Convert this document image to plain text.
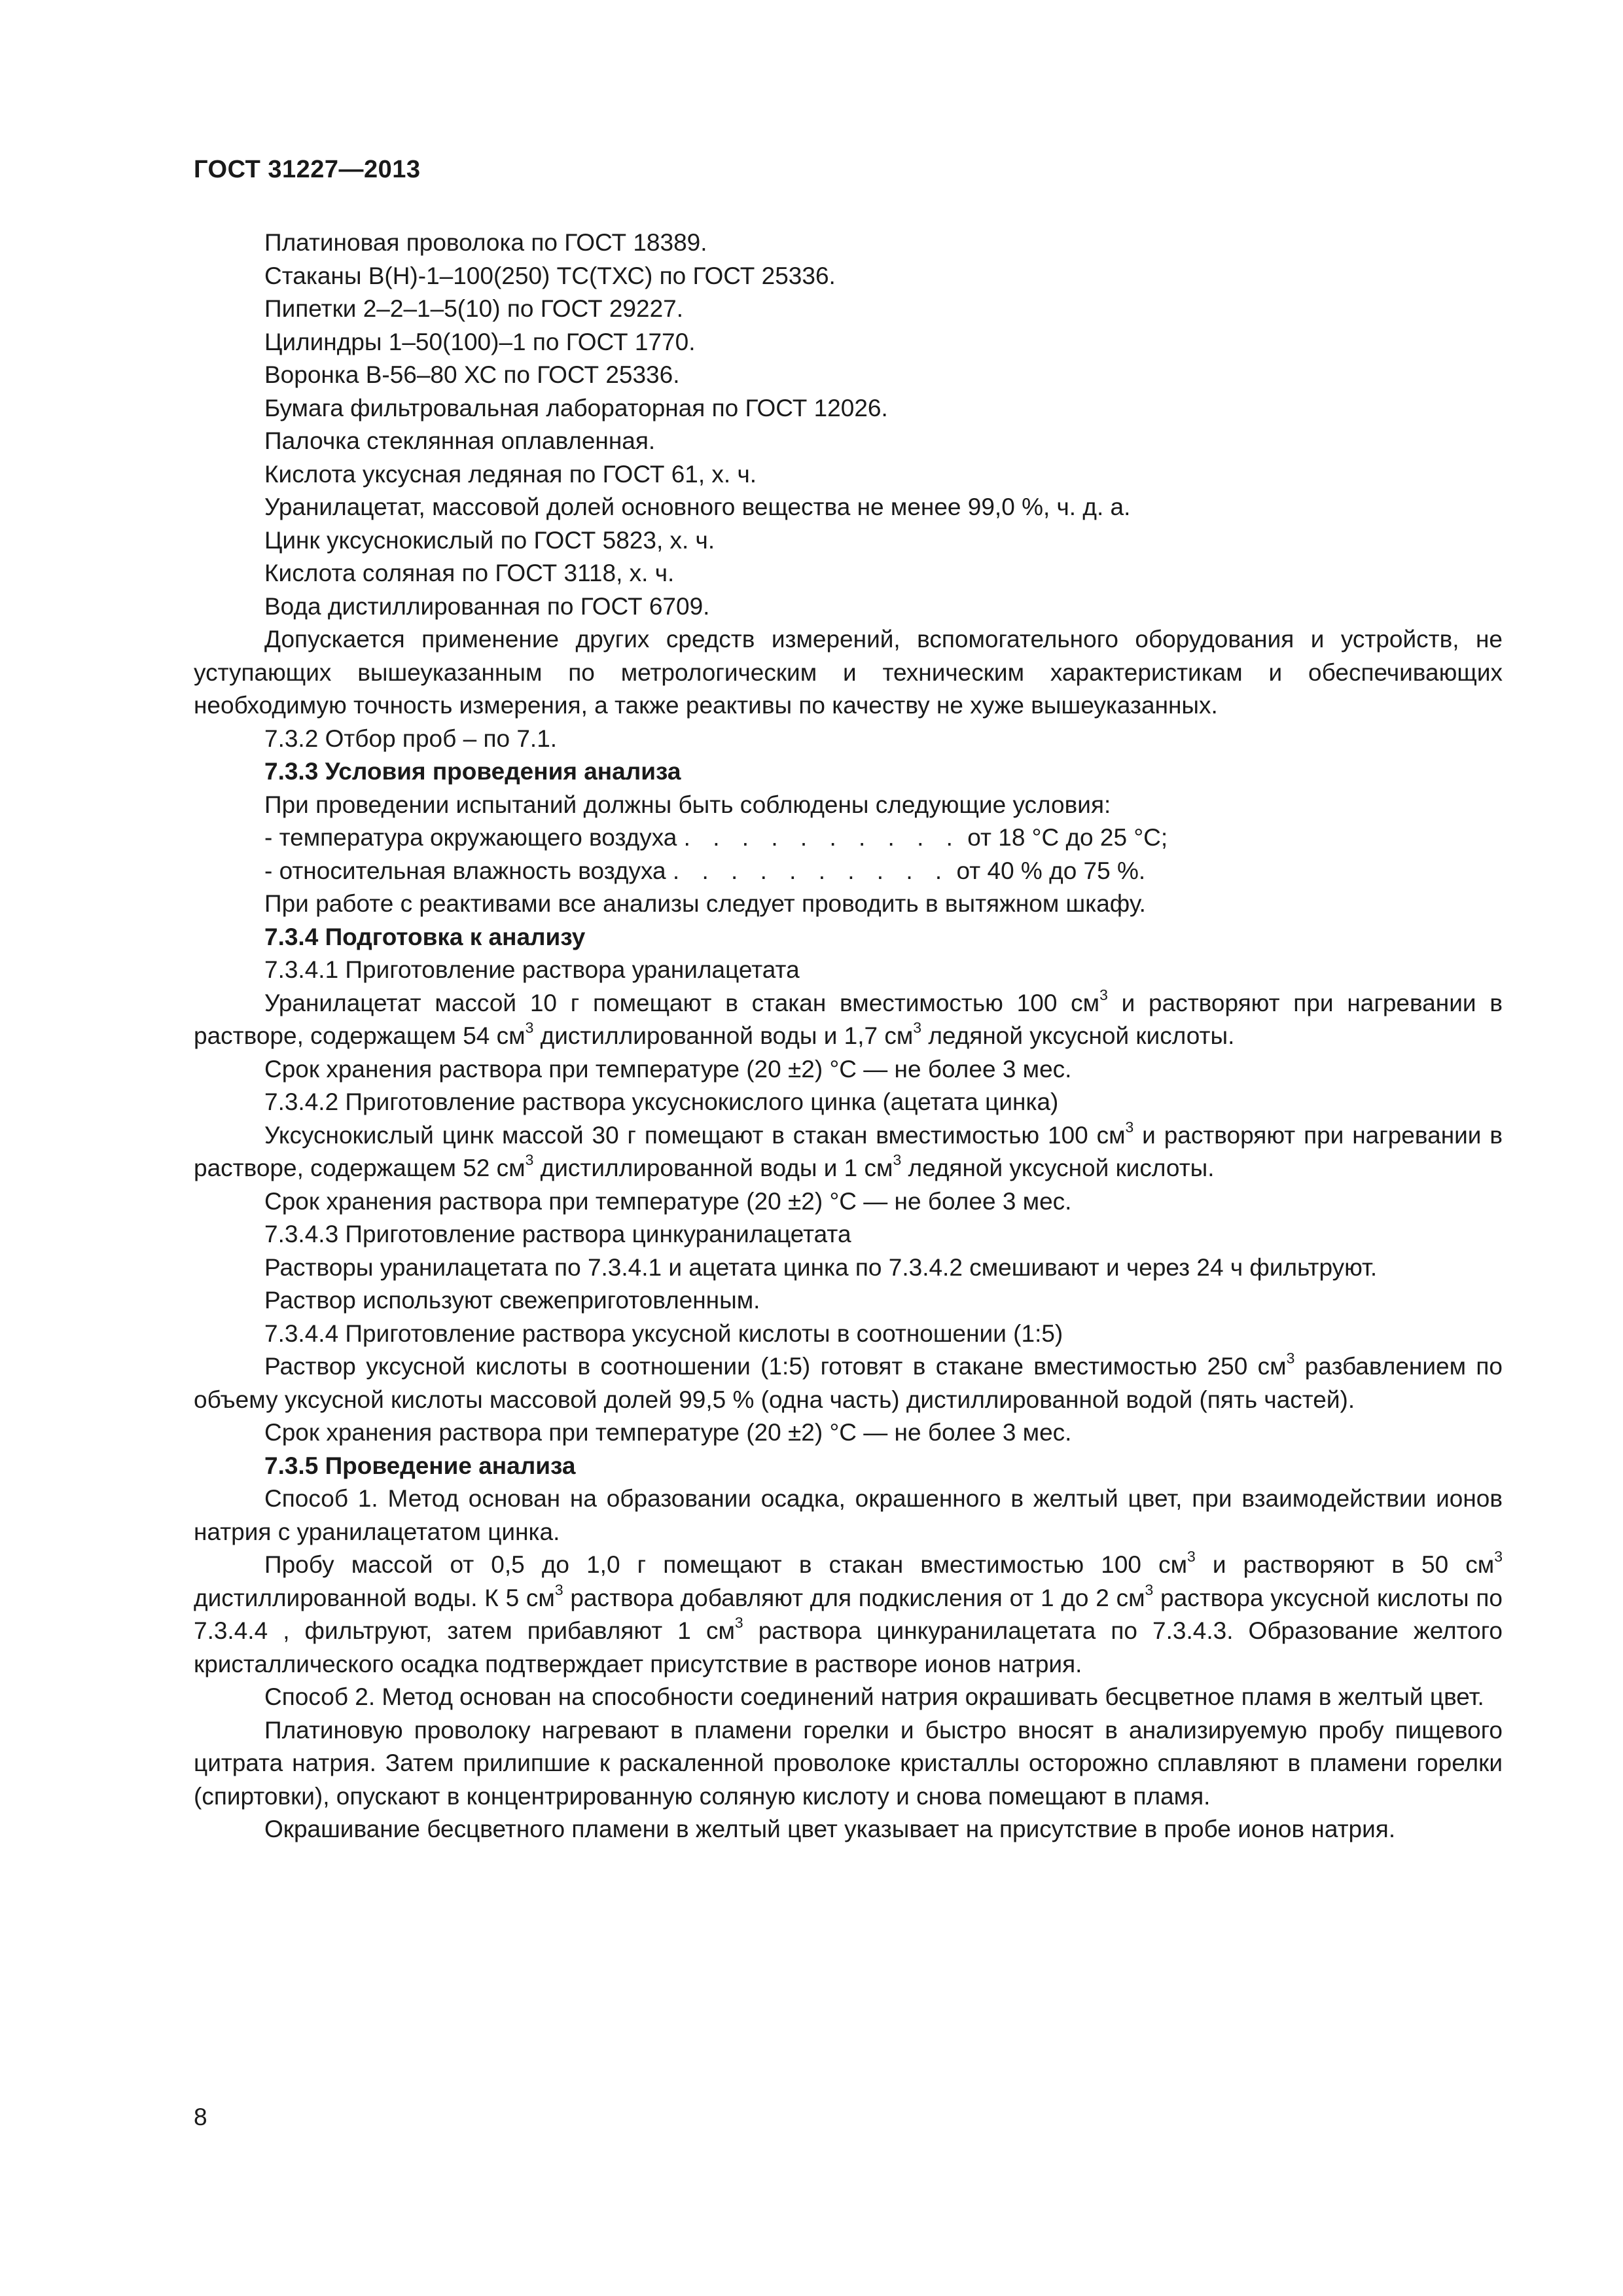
ГОСТ 31227—2013

Платиновая проволока по ГОСТ 18389.

Стаканы В(Н)-1–100(250) ТС(ТХС) по ГОСТ 25336.

Пипетки 2–2–1–5(10) по ГОСТ 29227.

Цилиндры 1–50(100)–1 по ГОСТ 1770.

Воронка В-56–80 ХС по ГОСТ 25336.

Бумага фильтровальная лабораторная по ГОСТ 12026.

Палочка стеклянная оплавленная.

Кислота уксусная ледяная по ГОСТ 61, х. ч.

Уранилацетат, массовой долей основного вещества не менее 99,0 %, ч. д. а.

Цинк уксуснокислый по ГОСТ 5823, х. ч.

Кислота соляная по ГОСТ 3118, х. ч.

Вода дистиллированная по ГОСТ 6709.

Допускается применение других средств измерений, вспомогательного оборудования и устройств, не уступающих вышеуказанным по метрологическим и техническим характеристикам и обеспечивающих необходимую точность измерения, а также реактивы по качеству не хуже вышеуказанных.

7.3.2 Отбор проб – по 7.1.

7.3.3 Условия проведения анализа

При проведении испытаний должны быть соблюдены следующие условия:

- температура окружающего воздуха . . . . . . . . . . от 18 °С до 25 °С;
- относительная влажность воздуха . . . . . . . . . . от 40 % до 75 %.

При работе с реактивами все анализы следует проводить в вытяжном шкафу.

7.3.4 Подготовка к анализу

7.3.4.1 Приготовление раствора уранилацетата

Уранилацетат массой 10 г помещают в стакан вместимостью 100 $см^3$ и растворяют при нагревании в растворе, содержащем 54 $см^3$ дистиллированной воды и 1,7 $см^3$ ледяной уксусной кислоты.

Срок хранения раствора при температуре (20 ±2) °С — не более 3 мес.

7.3.4.2 Приготовление раствора уксуснокислого цинка (ацетата цинка)

Уксуснокислый цинк массой 30 г помещают в стакан вместимостью 100 $см^3$ и растворяют при нагревании в растворе, содержащем 52 $см^3$ дистиллированной воды и 1 $см^3$ ледяной уксусной кислоты.

Срок хранения раствора при температуре (20 ±2) °С — не более 3 мес.

7.3.4.3 Приготовление раствора цинкуранилацетата

Растворы уранилацетата по 7.3.4.1 и ацетата цинка по 7.3.4.2 смешивают и через 24 ч фильтруют.

Раствор используют свежеприготовленным.

7.3.4.4 Приготовление раствора уксусной кислоты в соотношении (1:5)

Раствор уксусной кислоты в соотношении (1:5) готовят в стакане вместимостью 250 $см^3$ разбавлением по объему уксусной кислоты массовой долей 99,5 % (одна часть) дистиллированной водой (пять частей).

Срок хранения раствора при температуре (20 ±2) °С — не более 3 мес.

7.3.5 Проведение анализа

Способ 1. Метод основан на образовании осадка, окрашенного в желтый цвет, при взаимодействии ионов натрия с уранилацетатом цинка.

Пробу массой от 0,5 до 1,0 г помещают в стакан вместимостью 100 $см^3$ и растворяют в 50 $см^3$ дистиллированной воды. К 5 $см^3$ раствора добавляют для подкисления от 1 до 2 $см^3$ раствора уксусной кислоты по 7.3.4.4 , фильтруют, затем прибавляют 1 $см^3$ раствора цинкуранилацетата по 7.3.4.3. Образование желтого кристаллического осадка подтверждает присутствие в растворе ионов натрия.

Способ 2. Метод основан на способности соединений натрия окрашивать бесцветное пламя в желтый цвет.

Платиновую проволоку нагревают в пламени горелки и быстро вносят в анализируемую пробу пищевого цитрата натрия. Затем прилипшие к раскаленной проволоке кристаллы осторожно сплавляют в пламени горелки (спиртовки), опускают в концентрированную соляную кислоту и снова помещают в пламя.

Окрашивание бесцветного пламени в желтый цвет указывает на присутствие в пробе ионов натрия.

8
